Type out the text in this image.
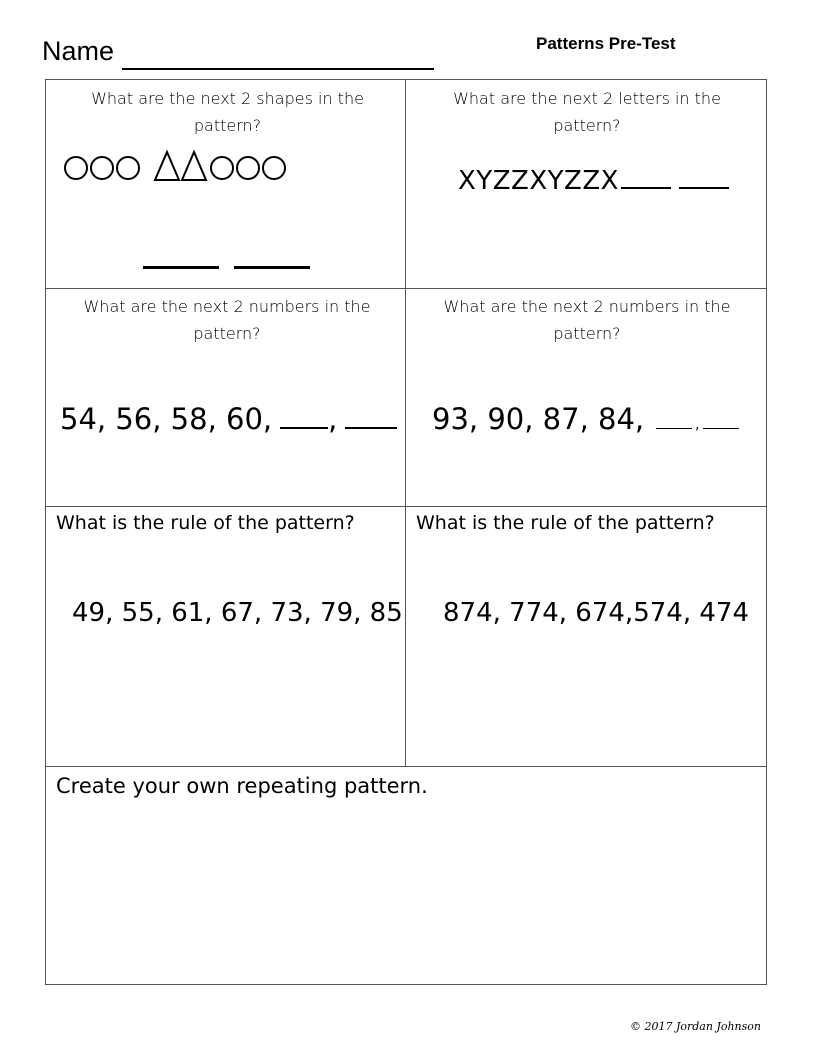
Name	Patterns Pre-Test
What are the next 2 shapes in the pattern?
What are the next 2 letters in the pattern?
XYZZXYZZX
What are the next 2 numbers in the pattern?
54, 56, 58, 60, ,
What are the next 2 numbers in the pattern?
93, 90, 87, 84,	,
What is the rule of the pattern?
49, 55, 61, 67, 73, 79, 85
What is the rule of the pattern?
874, 774, 674,574, 474
Create your own repeating pattern.
© 2017 Jordan Johnson
